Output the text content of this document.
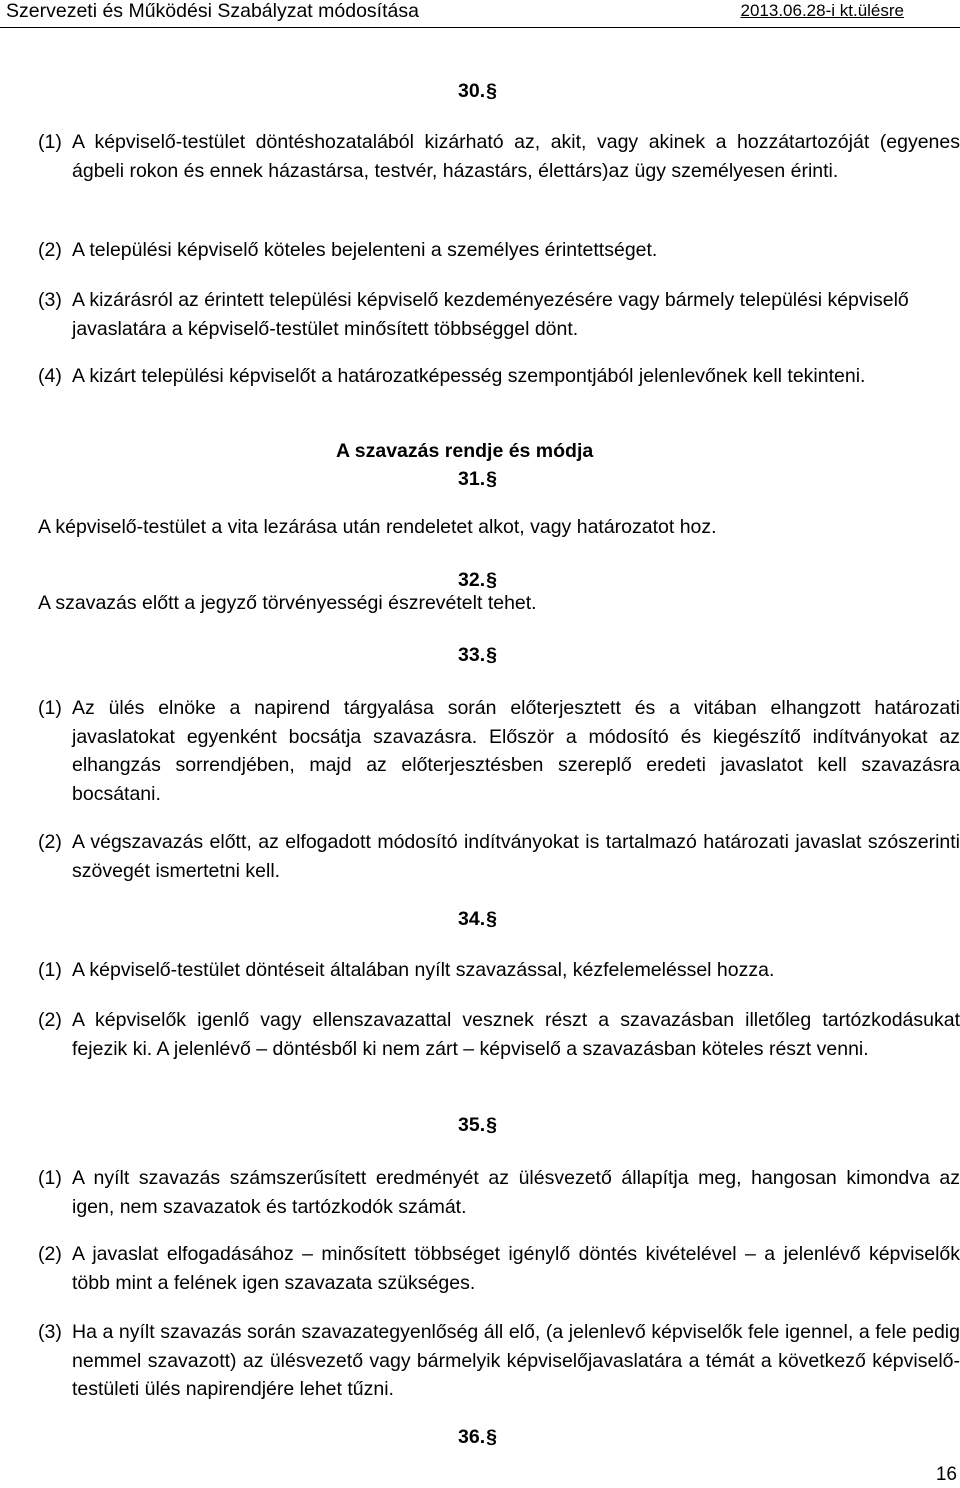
Szervezeti és Működési Szabályzat módosítása	2013.06.28-i kt.ülésre
30.§
(1) A képviselő-testület döntéshozatalából kizárható az, akit, vagy akinek a hozzátartozóját (egyenes ágbeli rokon és ennek házastársa, testvér, házastárs, élettárs)az ügy személyesen érinti.
(2) A települési képviselő köteles bejelenteni a személyes érintettséget.
(3) A kizárásról az érintett települési képviselő kezdeményezésére vagy bármely települési képviselő javaslatára a képviselő-testület minősített többséggel dönt.
(4) A kizárt települési képviselőt a határozatképesség szempontjából jelenlevőnek kell tekinteni.
A szavazás rendje és módja
31.§
A képviselő-testület a vita lezárása után rendeletet alkot, vagy határozatot hoz.
32.§
A szavazás előtt a jegyző törvényességi észrevételt tehet.
33.§
(1) Az ülés elnöke a napirend tárgyalása során előterjesztett és a vitában elhangzott határozati javaslatokat egyenként bocsátja szavazásra. Először a módosító és kiegészítő indítványokat az elhangzás sorrendjében, majd az előterjesztésben szereplő eredeti javaslatot kell szavazásra bocsátani.
(2) A végszavazás előtt, az elfogadott módosító indítványokat is tartalmazó határozati javaslat szószerinti szövegét ismertetni kell.
34.§
(1) A képviselő-testület döntéseit általában nyílt szavazással, kézfelemeléssel hozza.
(2) A képviselők igenlő vagy ellenszavazattal vesznek részt a szavazásban illetőleg tartózkodásukat fejezik ki. A jelenlévő – döntésből ki nem zárt – képviselő a szavazásban köteles részt venni.
35.§
(1) A nyílt szavazás számszerűsített eredményét az ülésvezető állapítja meg, hangosan kimondva az igen, nem szavazatok és tartózkodók számát.
(2) A javaslat elfogadásához – minősített többséget igénylő döntés kivételével – a jelenlévő képviselők több mint a felének igen szavazata szükséges.
(3) Ha a nyílt szavazás során szavazategyenlőség áll elő, (a jelenlevő képviselők fele igennel, a fele pedig nemmel szavazott) az ülésvezető vagy bármelyik képviselőjavaslatára a témát a következő képviselő-testületi ülés napirendjére lehet tűzni.
36.§
16
